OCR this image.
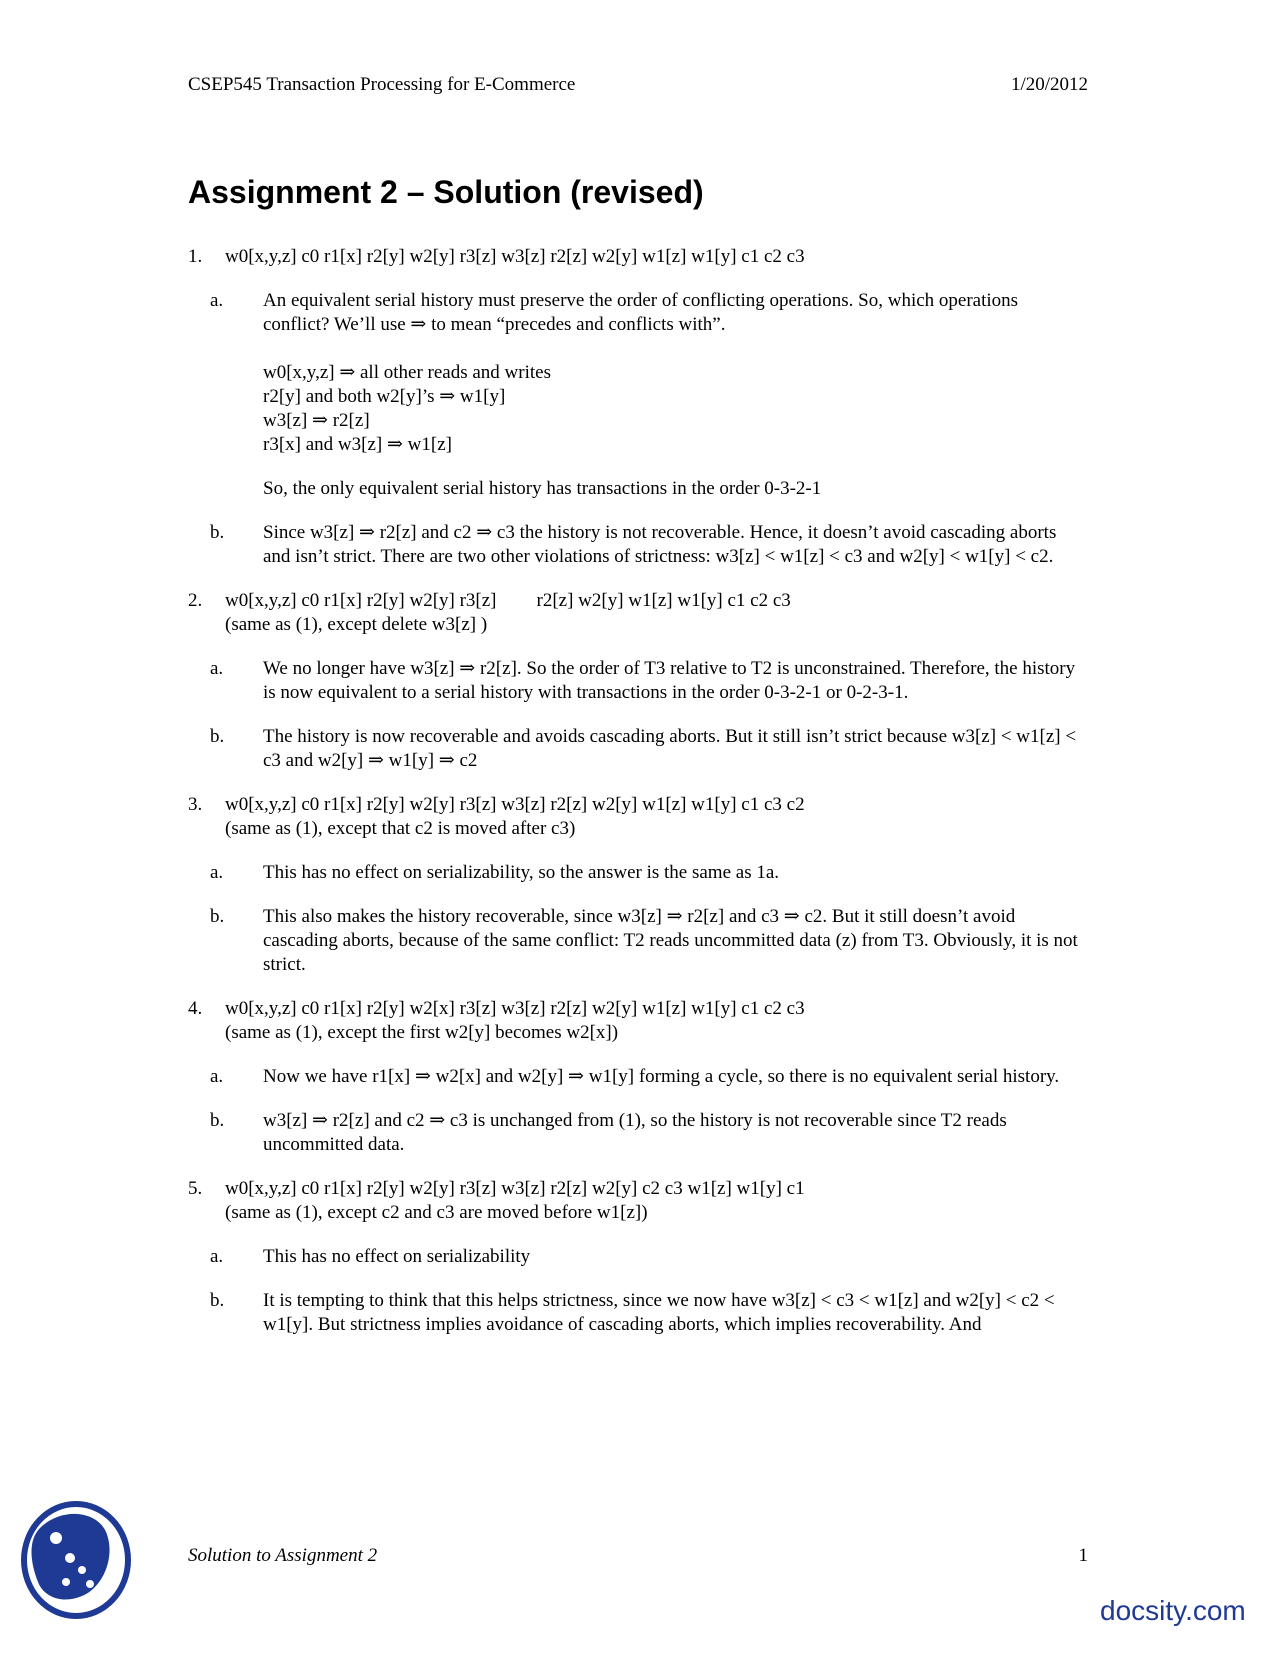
CSEP545 Transaction Processing for E-Commerce	1/20/2012
Assignment 2 – Solution (revised)
1.	w0[x,y,z] c0 r1[x] r2[y] w2[y] r3[z] w3[z] r2[z] w2[y] w1[z] w1[y] c1 c2 c3
a.	An equivalent serial history must preserve the order of conflicting operations. So, which operations conflict? We’ll use ⇒ to mean “precedes and conflicts with”.
w0[x,y,z] ⇒ all other reads and writes
r2[y] and both w2[y]’s ⇒ w1[y]
w3[z] ⇒ r2[z]
r3[x] and w3[z] ⇒ w1[z]
So, the only equivalent serial history has transactions in the order 0-3-2-1
b.	Since w3[z] ⇒ r2[z] and c2 ⇒ c3 the history is not recoverable. Hence, it doesn’t avoid cascading aborts and isn’t strict. There are two other violations of strictness: w3[z] < w1[z] < c3 and w2[y] < w1[y] < c2.
2.	w0[x,y,z] c0 r1[x] r2[y] w2[y] r3[z] r2[z] w2[y] w1[z] w1[y] c1 c2 c3
(same as (1), except delete w3[z] )
a.	We no longer have w3[z] ⇒ r2[z]. So the order of T3 relative to T2 is unconstrained. Therefore, the history is now equivalent to a serial history with transactions in the order 0-3-2-1 or 0-2-3-1.
b.	The history is now recoverable and avoids cascading aborts. But it still isn’t strict because w3[z] < w1[z] < c3 and w2[y] ⇒ w1[y] ⇒ c2
3.	w0[x,y,z] c0 r1[x] r2[y] w2[y] r3[z] w3[z] r2[z] w2[y] w1[z] w1[y] c1 c3 c2
(same as (1), except that c2 is moved after c3)
a.	This has no effect on serializability, so the answer is the same as 1a.
b.	This also makes the history recoverable, since w3[z] ⇒ r2[z] and c3 ⇒ c2. But it still doesn’t avoid cascading aborts, because of the same conflict: T2 reads uncommitted data (z) from T3. Obviously, it is not strict.
4.	w0[x,y,z] c0 r1[x] r2[y] w2[x] r3[z] w3[z] r2[z] w2[y] w1[z] w1[y] c1 c2 c3
(same as (1), except the first w2[y] becomes w2[x])
a.	Now we have r1[x] ⇒ w2[x] and w2[y] ⇒ w1[y] forming a cycle, so there is no equivalent serial history.
b.	w3[z] ⇒ r2[z] and c2 ⇒ c3 is unchanged from (1), so the history is not recoverable since T2 reads uncommitted data.
5.	w0[x,y,z] c0 r1[x] r2[y] w2[y] r3[z] w3[z] r2[z] w2[y] c2 c3 w1[z] w1[y] c1
(same as (1), except c2 and c3 are moved before w1[z])
a.	This has no effect on serializability
b.	It is tempting to think that this helps strictness, since we now have w3[z] < c3 < w1[z] and w2[y] < c2 < w1[y]. But strictness implies avoidance of cascading aborts, which implies recoverability. And
Solution to Assignment 2	1
docsity.com
